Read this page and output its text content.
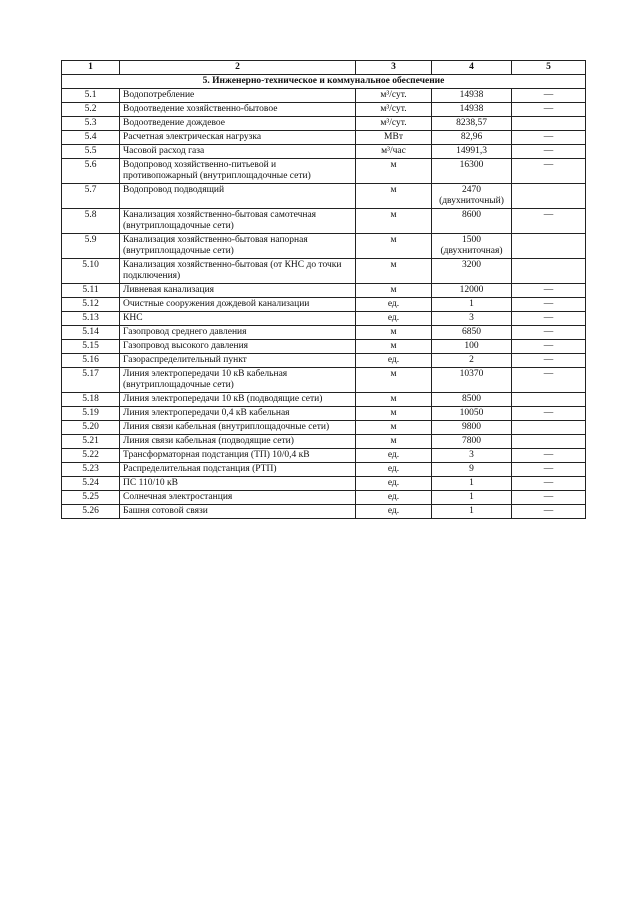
1	2	3	4	5
5. Инженерно-техническое и коммунальное обеспечение				
5.1	Водопотребление	м³/сут.	14938	—
5.2	Водоотведение хозяйственно-бытовое	м³/сут.	14938	—
5.3	Водоотведение дождевое	м³/сут.	8238,57	
5.4	Расчетная электрическая нагрузка	МВт	82,96	—
5.5	Часовой расход газа	м³/час	14991,3	—
5.6	Водопровод хозяйственно-питьевой и противопожарный (внутриплощадочные сети)	м	16300	—
5.7	Водопровод подводящий	м	2470 (двухниточный)	
5.8	Канализация хозяйственно-бытовая самотечная (внутриплощадочные сети)	м	8600	—
5.9	Канализация хозяйственно-бытовая напорная (внутриплощадочные сети)	м	1500 (двухниточная)	
5.10	Канализация хозяйственно-бытовая (от КНС до точки подключения)	м	3200	
5.11	Ливневая канализация	м	12000	—
5.12	Очистные сооружения дождевой канализации	ед.	1	—
5.13	КНС	ед.	3	—
5.14	Газопровод среднего давления	м	6850	—
5.15	Газопровод высокого давления	м	100	—
5.16	Газораспределительный пункт	ед.	2	—
5.17	Линия электропередачи 10 кВ кабельная (внутриплощадочные сети)	м	10370	—
5.18	Линия электропередачи 10 кВ (подводящие сети)	м	8500	
5.19	Линия электропередачи 0,4 кВ кабельная	м	10050	—
5.20	Линия связи кабельная (внутриплощадочные сети)	м	9800	
5.21	Линия связи кабельная (подводящие сети)	м	7800	
5.22	Трансформаторная подстанция (ТП) 10/0,4 кВ	ед.	3	—
5.23	Распределительная подстанция (РТП)	ед.	9	—
5.24	ПС 110/10 кВ	ед.	1	—
5.25	Солнечная электростанция	ед.	1	—
5.26	Башня сотовой связи	ед.	1	—
